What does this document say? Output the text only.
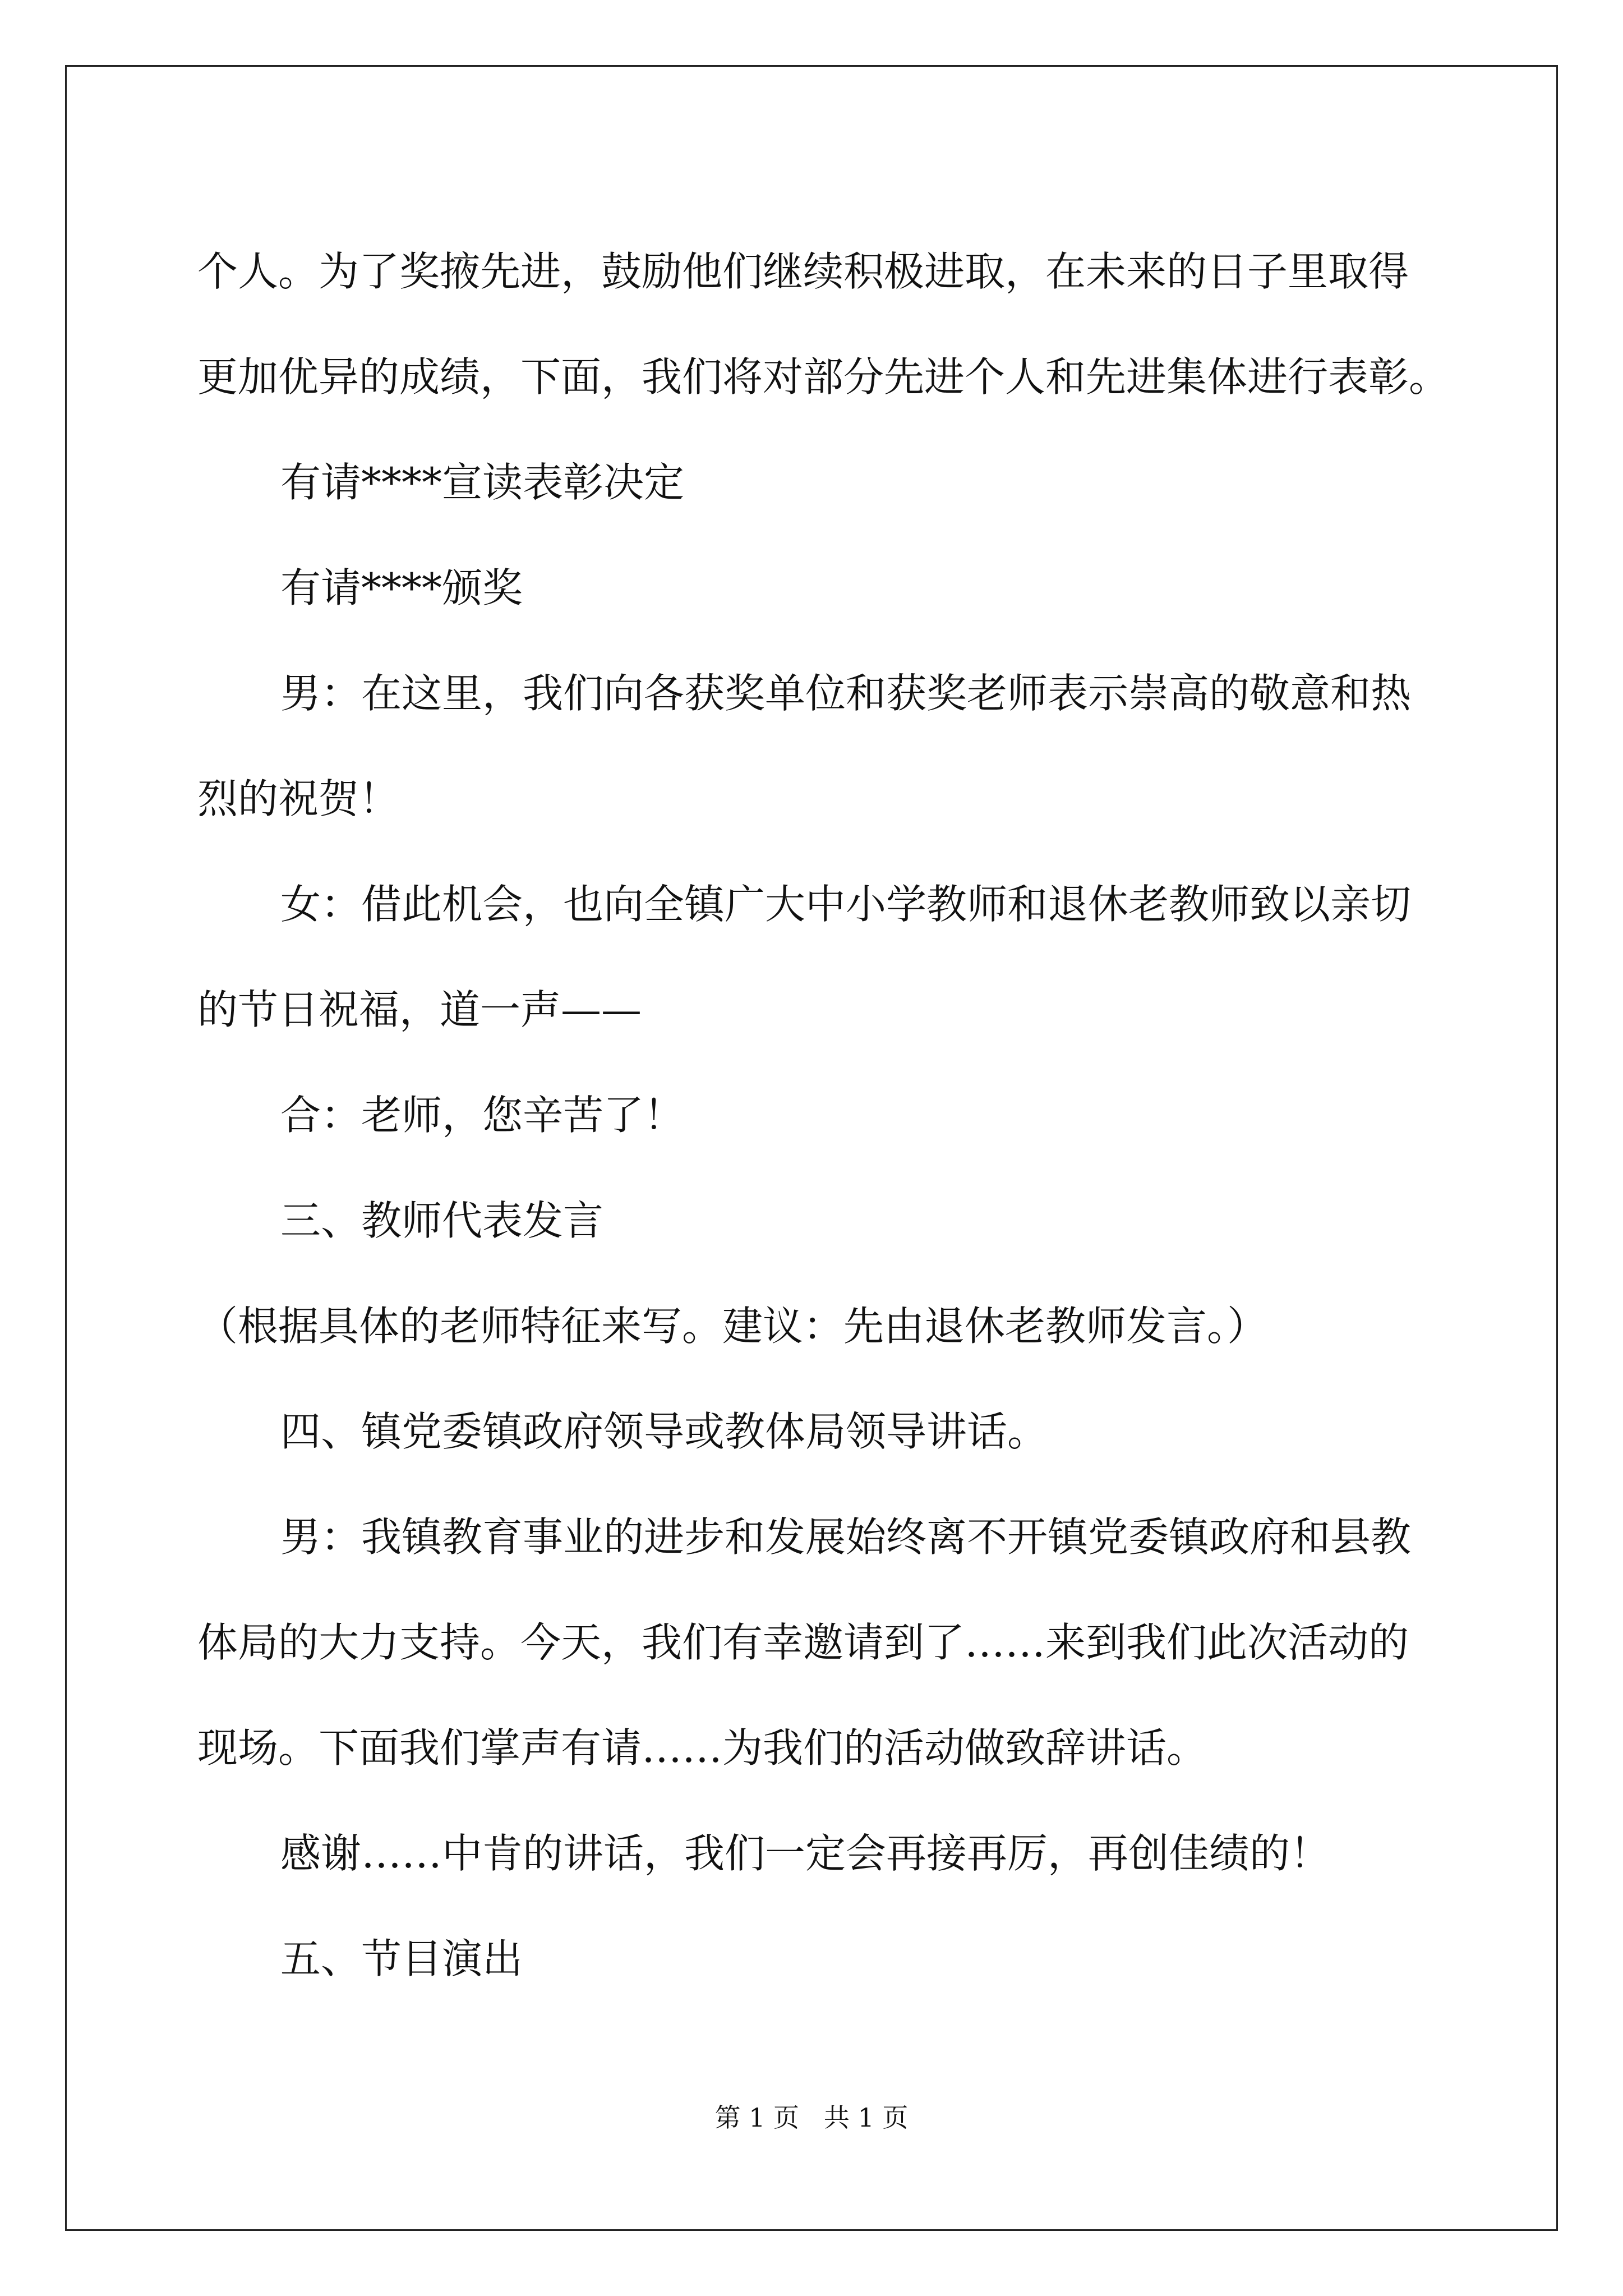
个人。为了奖掖先进，鼓励他们继续积极进取，在未来的日子里取得

更加优异的成绩，下面，我们将对部分先进个人和先进集体进行表彰。

有请****宣读表彰决定

有请****颁奖

男：在这里，我们向各获奖单位和获奖老师表示崇高的敬意和热

烈的祝贺！

女：借此机会，也向全镇广大中小学教师和退休老教师致以亲切

的节日祝福，道一声——

合：老师，您辛苦了！

三、教师代表发言

（根据具体的老师特征来写。建议：先由退休老教师发言。）

四、镇党委镇政府领导或教体局领导讲话。

男：我镇教育事业的进步和发展始终离不开镇党委镇政府和县教

体局的大力支持。今天，我们有幸邀请到了……来到我们此次活动的

现场。下面我们掌声有请……为我们的活动做致辞讲话。

感谢……中肯的讲话，我们一定会再接再厉，再创佳绩的！

五、节目演出

第 1 页   共 1 页
